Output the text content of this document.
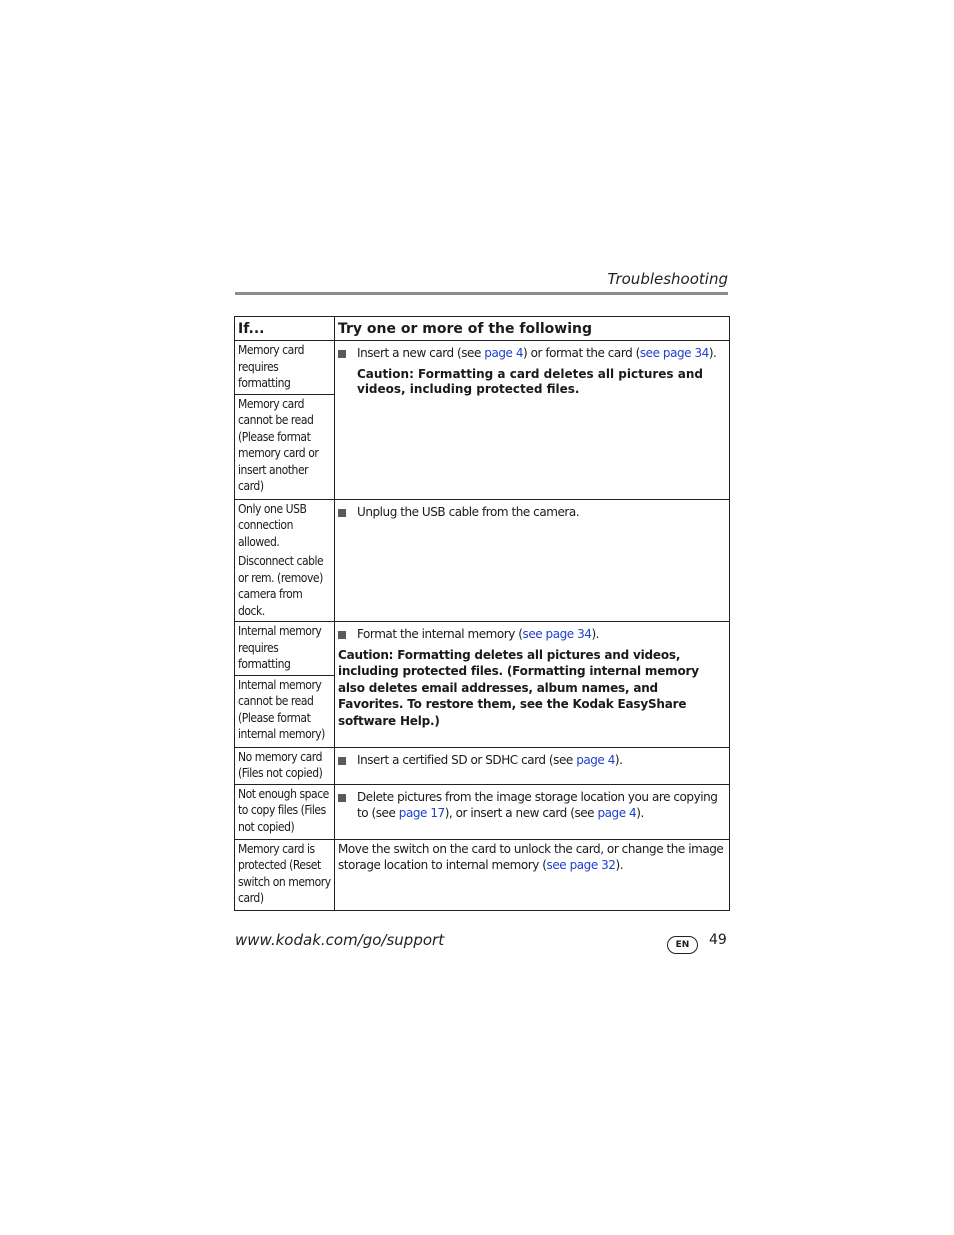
Troubleshooting
If...	Try one or more of the following

Memory card requires formatting	Insert a new card (see page 4) or format the card (see page 34).
Caution: Formatting a card deletes all pictures and videos, including protected files.

Memory card cannot be read (Please format memory card or insert another card)	

Only one USB connection allowed.
Disconnect cable or rem. (remove) camera from dock.	Unplug the USB cable from the camera.

Internal memory requires formatting	Format the internal memory (see page 34).
Caution: Formatting deletes all pictures and videos, including protected files. (Formatting internal memory also deletes email addresses, album names, and Favorites. To restore them, see the Kodak EasyShare software Help.)

Internal memory cannot be read (Please format internal memory)	

No memory card (Files not copied)	Insert a certified SD or SDHC card (see page 4).

Not enough space to copy files (Files not copied)	Delete pictures from the image storage location you are copying to (see page 17), or insert a new card (see page 4).

Memory card is protected (Reset switch on memory card)	Move the switch on the card to unlock the card, or change the image storage location to internal memory (see page 32).
www.kodak.com/go/support	EN	49
